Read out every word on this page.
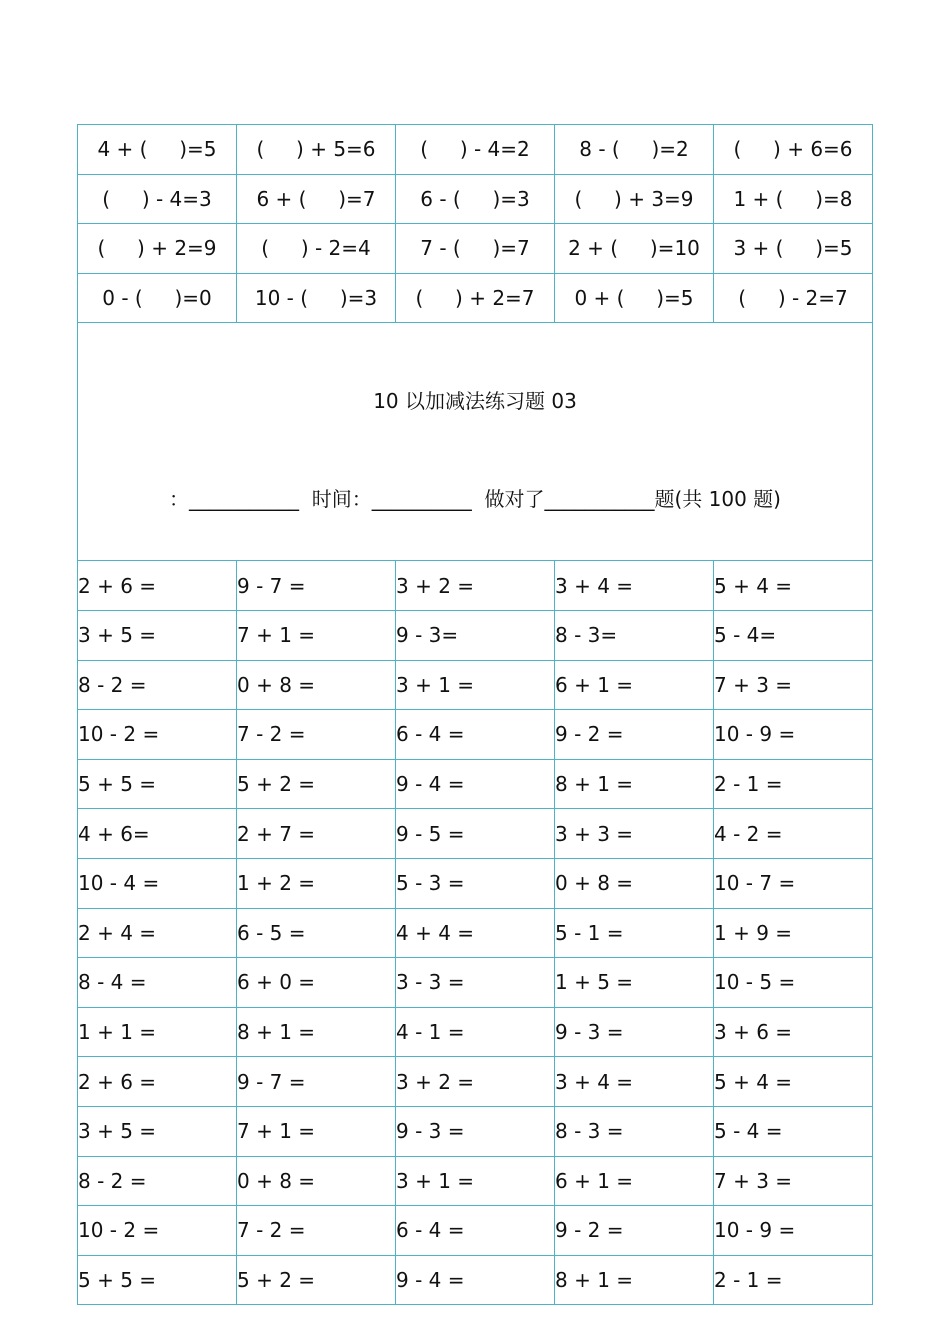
4 + (     )=5	(     ) + 5=6	(     ) - 4=2	8 - (     )=2	(     ) + 6=6
(     ) - 4=3	6 + (     )=7	6 - (     )=3	(     ) + 3=9	1 + (     )=8
(     ) + 2=9	(     ) - 2=4	7 - (     )=7	2 + (     )=10	3 + (     )=5
0 - (     )=0	10 - (     )=3	(     ) + 2=7	0 + (     )=5	(     ) - 2=7

10 以加减法练习题 03

：___________  时间：__________  做对了___________题(共 100 题)				

2 + 6 =	9 - 7 =	3 + 2 =	3 + 4 =	5 + 4 =
3 + 5 =	7 + 1 =	9 - 3=	8 - 3=	5 - 4=
8 - 2 =	0 + 8 =	3 + 1 =	6 + 1 =	7 + 3 =
10 - 2 =	7 - 2 =	6 - 4 =	9 - 2 =	10 - 9 =
5 + 5 =	5 + 2 =	9 - 4 =	8 + 1 =	2 - 1 =
4 + 6=	2 + 7 =	9 - 5 =	3 + 3 =	4 - 2 =
10 - 4 =	1 + 2 =	5 - 3 =	0 + 8 =	10 - 7 =
2 + 4 =	6 - 5 =	4 + 4 =	5 - 1 =	1 + 9 =
8 - 4 =	6 + 0 =	3 - 3 =	1 + 5 =	10 - 5 =
1 + 1 =	8 + 1 =	4 - 1 =	9 - 3 =	3 + 6 =
2 + 6 =	9 - 7 =	3 + 2 =	3 + 4 =	5 + 4 =
3 + 5 =	7 + 1 =	9 - 3 =	8 - 3 =	5 - 4 =
8 - 2 =	0 + 8 =	3 + 1 =	6 + 1 =	7 + 3 =
10 - 2 =	7 - 2 =	6 - 4 =	9 - 2 =	10 - 9 =
5 + 5 =	5 + 2 =	9 - 4 =	8 + 1 =	2 - 1 =
